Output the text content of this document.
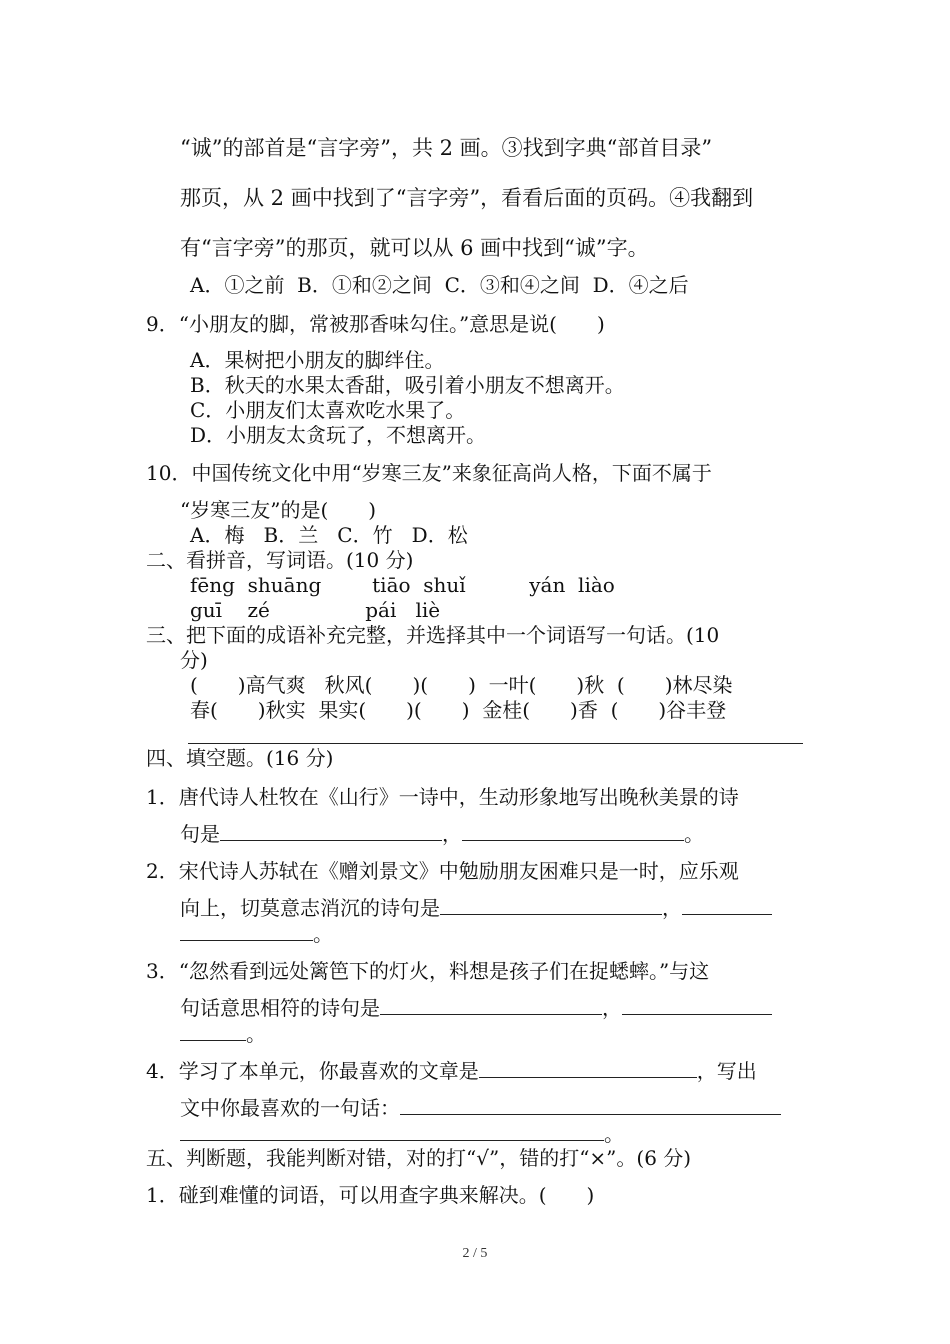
“诚”的部首是“言字旁”，共 2 画。③找到字典“部首目录”
那页，从 2 画中找到了“言字旁”，看看后面的页码。④我翻到
有“言字旁”的那页，就可以从 6 画中找到“诚”字。
A．①之前  B．①和②之间  C．③和④之间  D．④之后
9．“小朋友的脚，常被那香味勾住。”意思是说(　　)
A．果树把小朋友的脚绊住。
B．秋天的水果太香甜，吸引着小朋友不想离开。
C．小朋友们太喜欢吃水果了。
D．小朋友太贪玩了，不想离开。
10．中国传统文化中用“岁寒三友”来象征高尚人格，下面不属于
“岁寒三友”的是(　　)
A．梅   B．兰   C．竹   D．松
二、看拼音，写词语。(10 分)
fēng  shuāng        tiāo  shuǐ          yán  liào
guī    zé               pái   liè
三、把下面的成语补充完整，并选择其中一个词语写一句话。(10
分)
(　　)高气爽   秋风(　　)(　　)  一叶(　　)秋  (　　)林尽染
春(　　)秋实  果实(　　)(　　)  金桂(　　)香  (　　)谷丰登
四、填空题。(16 分)
1．唐代诗人杜牧在《山行》一诗中，生动形象地写出晚秋美景的诗
句是	，	。
2．宋代诗人苏轼在《赠刘景文》中勉励朋友困难只是一时，应乐观
向上，切莫意志消沉的诗句是	，
。
3．“忽然看到远处篱笆下的灯火，料想是孩子们在捉蟋蟀。”与这
句话意思相符的诗句是	，
。
4．学习了本单元，你最喜欢的文章是	，写出
文中你最喜欢的一句话：
。
五、判断题，我能判断对错，对的打“√”，错的打“×”。(6 分)
1．碰到难懂的词语，可以用查字典来解决。(　　)
2 / 5
